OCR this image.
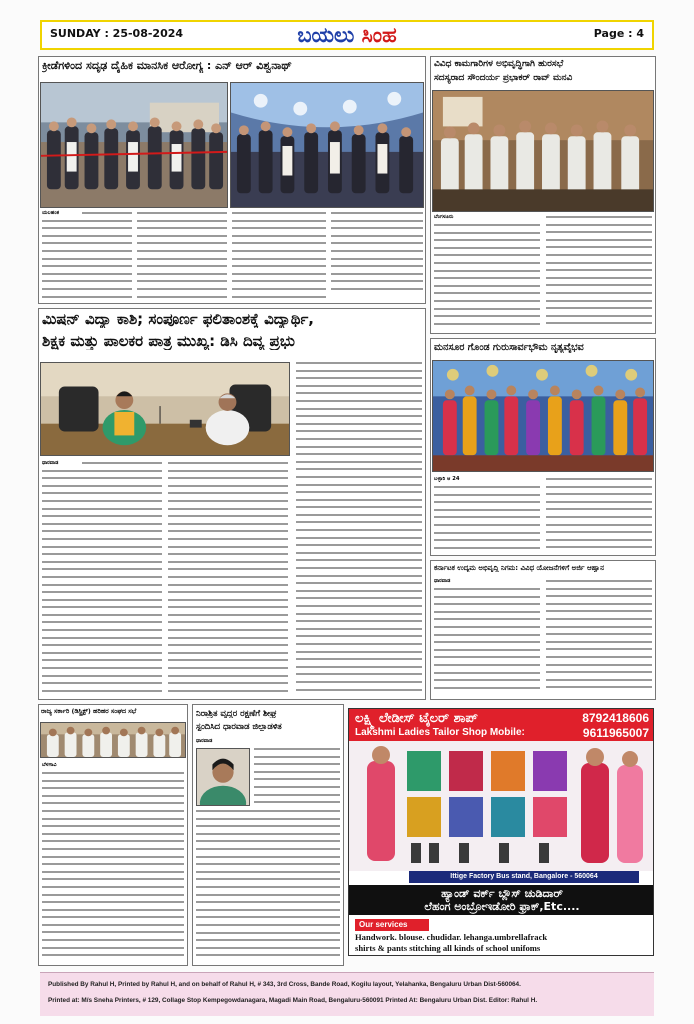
SUNDAY : 25-08-2024	ಬಯಲು ಸಿಂಹ	Page : 4
ಕ್ರೀಡೆಗಳಿಂದ ಸದೃಢ ದೈಹಿಕ ಮಾನಸಿಕ ಆರೋಗ್ಯ : ಎನ್ ಆರ್ ವಿಶ್ವನಾಥ್
ಯಲಹಂಕ
ವಿವಿಧ ಕಾಮಗಾರಿಗಳ ಅಭಿವೃದ್ಧಿಗಾಗಿ ಹುರಸಭೆ
ಸದಸ್ಯರಾದ ಸೌಂದರ್ಯ ಪ್ರಭಾಕರ್ ರಾವ್ ಮನವಿ
ಬೆಂಗಳೂರು
ಮಿಷನ್ ವಿದ್ಯಾ ಕಾಶಿ; ಸಂಪೂರ್ಣ ಫಲಿತಾಂಶಕ್ಕೆ ವಿದ್ಯಾರ್ಥಿ,
ಶಿಕ್ಷಕ ಮತ್ತು ಪಾಲಕರ ಪಾತ್ರ ಮುಖ್ಯ: ಡಿಸಿ ದಿವ್ಯ ಪ್ರಭು
ಧಾರವಾಡ
ಮನಸೂರ ಗೊಂಡ ಗುರುಸಾರ್ವಭೌಮ ನೃತ್ಯವೈಭವ
ಬಳ್ಳಾರಿ ಆ 24
ಕರ್ನಾಟಕ ಉದ್ಯಮ ಅಭಿವೃದ್ಧಿ ನಿಗಮ: ವಿವಿಧ ಯೋಜನೆಗಳಿಗೆ ಅರ್ಜಿ ಆಹ್ವಾನ
ಧಾರವಾಡ
ರಾಜ್ಯ ಸರ್ಕಾರಿ (ಡಿಸ್ಟ್ರಿಕ್ಟ್) ಹರಿಹರ ಸಂಘದ ಸಭೆ
ಬೆಳಗಾವಿ
ನಿರಾಶ್ರಿತ ವೃದ್ಧರ ರಕ್ಷಣೆಗೆ ಶೀಘ್ರ
ಸ್ಪಂದಿಸಿದ ಧಾರವಾಡ ಜಿಲ್ಲಾಡಳಿತ
ಧಾರವಾಡ
ಲಕ್ಷ್ಮಿ ಲೇಡೀಸ್ ಟೈಲರ್ ಶಾಪ್
Lakshmi Ladies Tailor Shop Mobile:
8792418606
9611965007
Ittige Factory Bus stand, Bangalore - 560064
ಹ್ಯಾಂಡ್ ವರ್ಕ್ ಬ್ಲೌಸ್ ಚುಡಿದಾರ್
ಲೆಹಂಗ ಅಂಬ್ರೋಇಡೋರಿ ಫ್ರಾಕ್,Etc....
Our services
Handwork. blouse. chudidar. lehanga.umbrellafrack
shirts & pants stitching all kinds of school unifoms
Published By Rahul H, Printed by Rahul H, and on behalf of Rahul H, # 343, 3rd Cross, Bande Road, Kogilu layout, Yelahanka, Bengaluru Urban Dist-560064.
Printed at: M/s Sneha Printers, # 129, Collage Stop Kempegowdanagara, Magadi Main Road, Bengaluru-560091 Printed At: Bengaluru Urban Dist. Editor: Rahul H.
